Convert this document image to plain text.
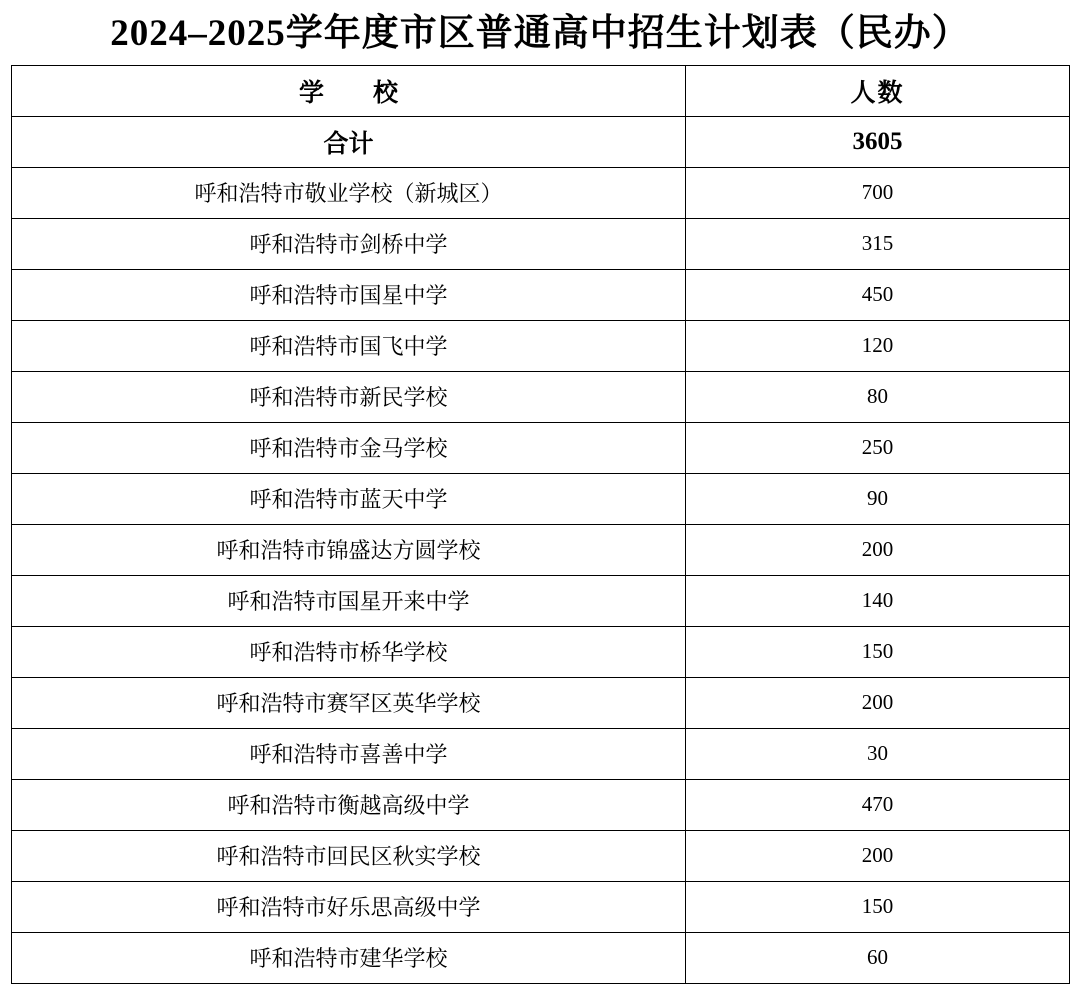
2024–2025学年度市区普通高中招生计划表（民办）
学　校	人数
合计	3605
呼和浩特市敬业学校（新城区）	700
呼和浩特市剑桥中学	315
呼和浩特市国星中学	450
呼和浩特市国飞中学	120
呼和浩特市新民学校	80
呼和浩特市金马学校	250
呼和浩特市蓝天中学	90
呼和浩特市锦盛达方圆学校	200
呼和浩特市国星开来中学	140
呼和浩特市桥华学校	150
呼和浩特市赛罕区英华学校	200
呼和浩特市喜善中学	30
呼和浩特市衡越高级中学	470
呼和浩特市回民区秋实学校	200
呼和浩特市好乐思高级中学	150
呼和浩特市建华学校	60
